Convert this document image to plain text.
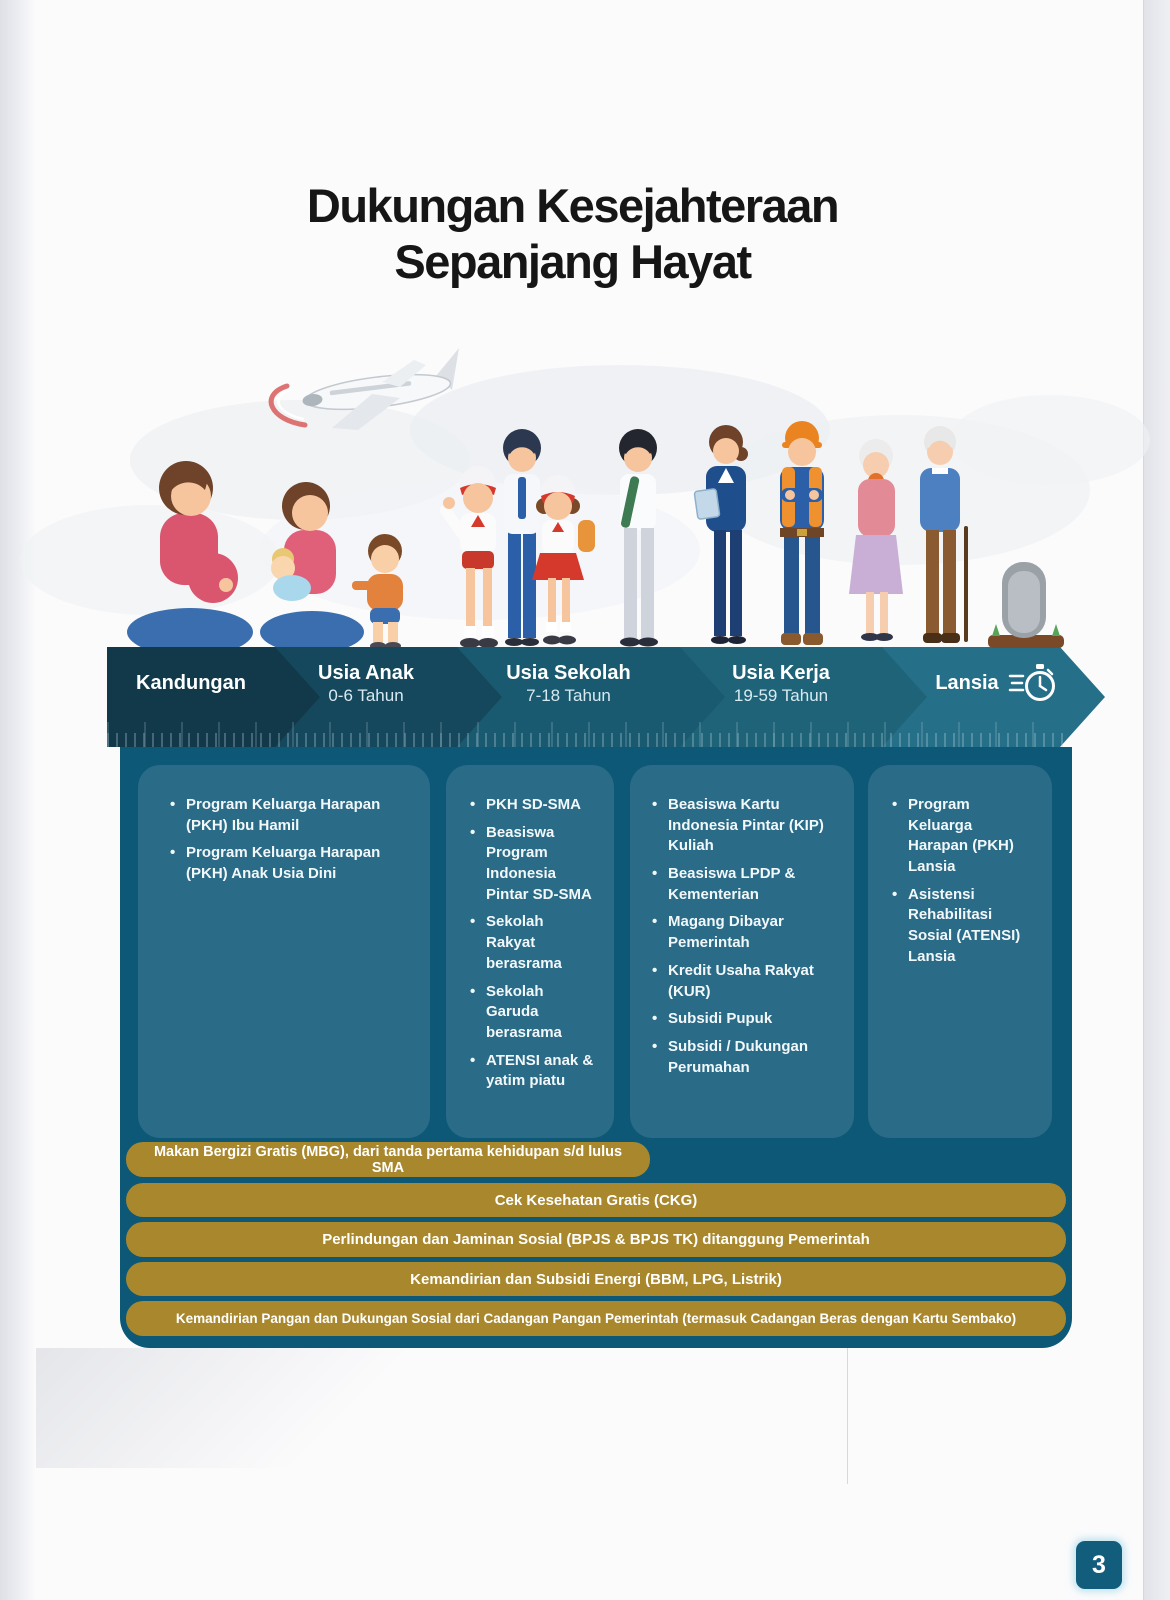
Dukungan Kesejahteraan
Sepanjang Hayat
Kandungan	Usia Anak
0-6 Tahun
Usia Sekolah
7-18 Tahun
Usia Kerja
19-59 Tahun
Lansia
• Program Keluarga Harapan (PKH) Ibu Hamil
• Program Keluarga Harapan (PKH) Anak Usia Dini
• PKH SD-SMA
• Beasiswa Program Indonesia Pintar SD-SMA
• Sekolah Rakyat berasrama
• Sekolah Garuda berasrama
• ATENSI anak & yatim piatu
• Beasiswa Kartu Indonesia Pintar (KIP) Kuliah
• Beasiswa LPDP & Kementerian
• Magang Dibayar Pemerintah
• Kredit Usaha Rakyat (KUR)
• Subsidi Pupuk
• Subsidi / Dukungan Perumahan
• Program Keluarga Harapan (PKH) Lansia
• Asistensi Rehabilitasi Sosial (ATENSI) Lansia
Makan Bergizi Gratis (MBG), dari tanda pertama kehidupan s/d lulus SMA
Cek Kesehatan Gratis (CKG)
Perlindungan dan Jaminan Sosial (BPJS & BPJS TK) ditanggung Pemerintah
Kemandirian dan Subsidi Energi (BBM, LPG, Listrik)
Kemandirian Pangan dan Dukungan Sosial dari Cadangan Pangan Pemerintah (termasuk Cadangan Beras dengan Kartu Sembako)
3
